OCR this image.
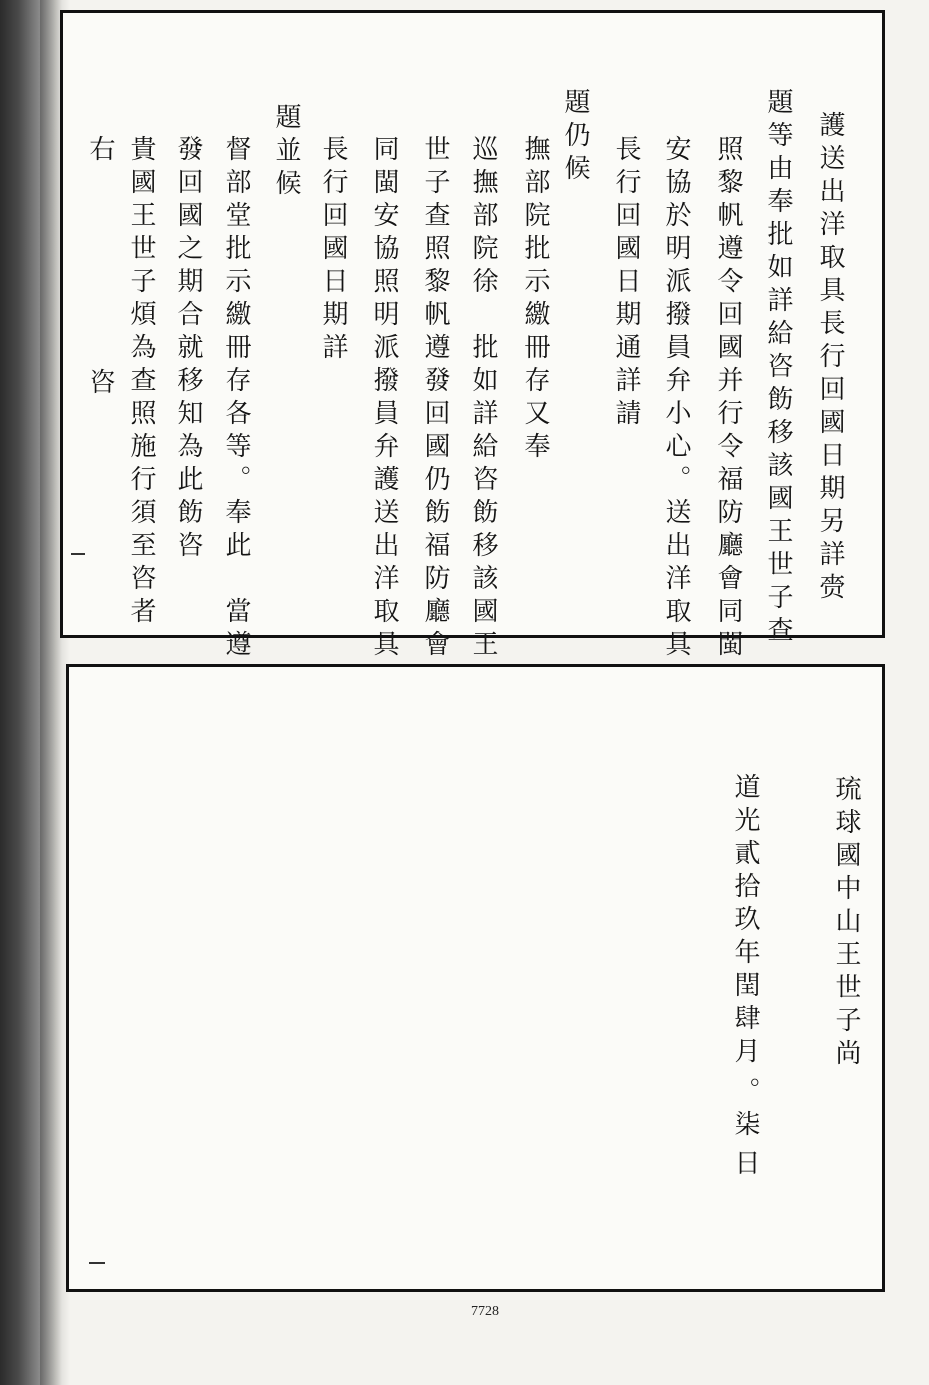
護送出洋取具長行回國日期另詳赍
題等由奉批如詳給咨飭移該國王世子查
照黎帆遵令回國并行令福防廳會同閩
安協於明派撥員弁小心。送出洋取具
長行回國日期通詳請
題仍候
撫部院批示繳冊存又奉
巡撫部院徐　批如詳給咨飭移該國王
世子查照黎帆遵發回國仍飭福防廳會
同閩安協照明派撥員弁護送出洋取具
長行回國日期詳
題並候
督部堂批示繳冊存各等。奉此　當遵
發回國之期合就移知為此飭咨
貴國王世子煩為查照施行須至咨者
右
咨
琉球國中山王世子尚
道光貳拾玖年閏肆月
。柒
日
7728
